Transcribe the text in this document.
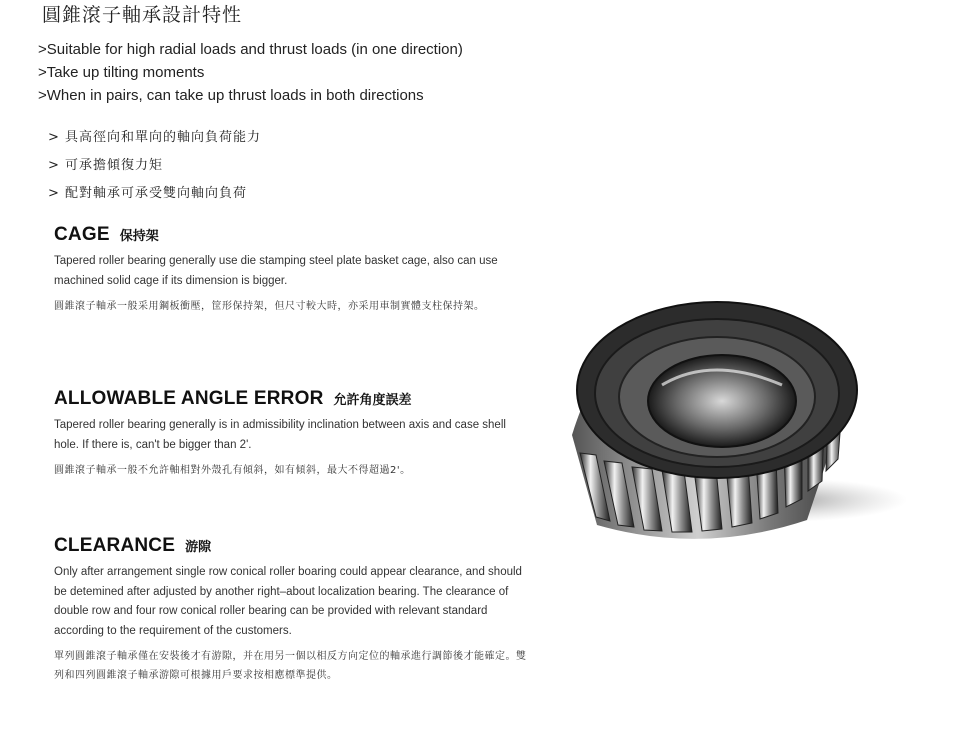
圓錐滾子軸承設計特性
>Suitable for high radial loads and thrust loads (in one direction)
>Take up tilting moments
>When in pairs, can take up thrust loads in both directions
> 具高徑向和單向的軸向負荷能力
> 可承擔傾復力矩
> 配對軸承可承受雙向軸向負荷
CAGE 保持架
Tapered roller bearing generally use die stamping steel plate basket cage, also can use machined solid cage if its dimension is bigger.
圓錐滾子軸承一般采用鋼板衝壓，筐形保持架，但尺寸較大時，亦采用車制實體支柱保持架。
ALLOWABLE ANGLE ERROR 允許角度誤差
Tapered roller bearing generally is in admissibility inclination between axis and case shell hole. If there is, can't be bigger than 2'.
圓錐滾子軸承一般不允許軸相對外殼孔有傾斜，如有傾斜，最大不得超過2'。
CLEARANCE 游隙
Only after arrangement single row conical roller boaring could appear clearance, and should be detemined after adjusted by another right–about localization bearing. The clearance of double row and four row conical roller bearing can be provided with relevant standard according to the requirement of the customers.
單列圓錐滾子軸承僅在安裝後才有游隙，并在用另一個以相反方向定位的軸承進行調節後才能確定。雙列和四列圓錐滾子軸承游隙可根據用戶要求按相應標準提供。
